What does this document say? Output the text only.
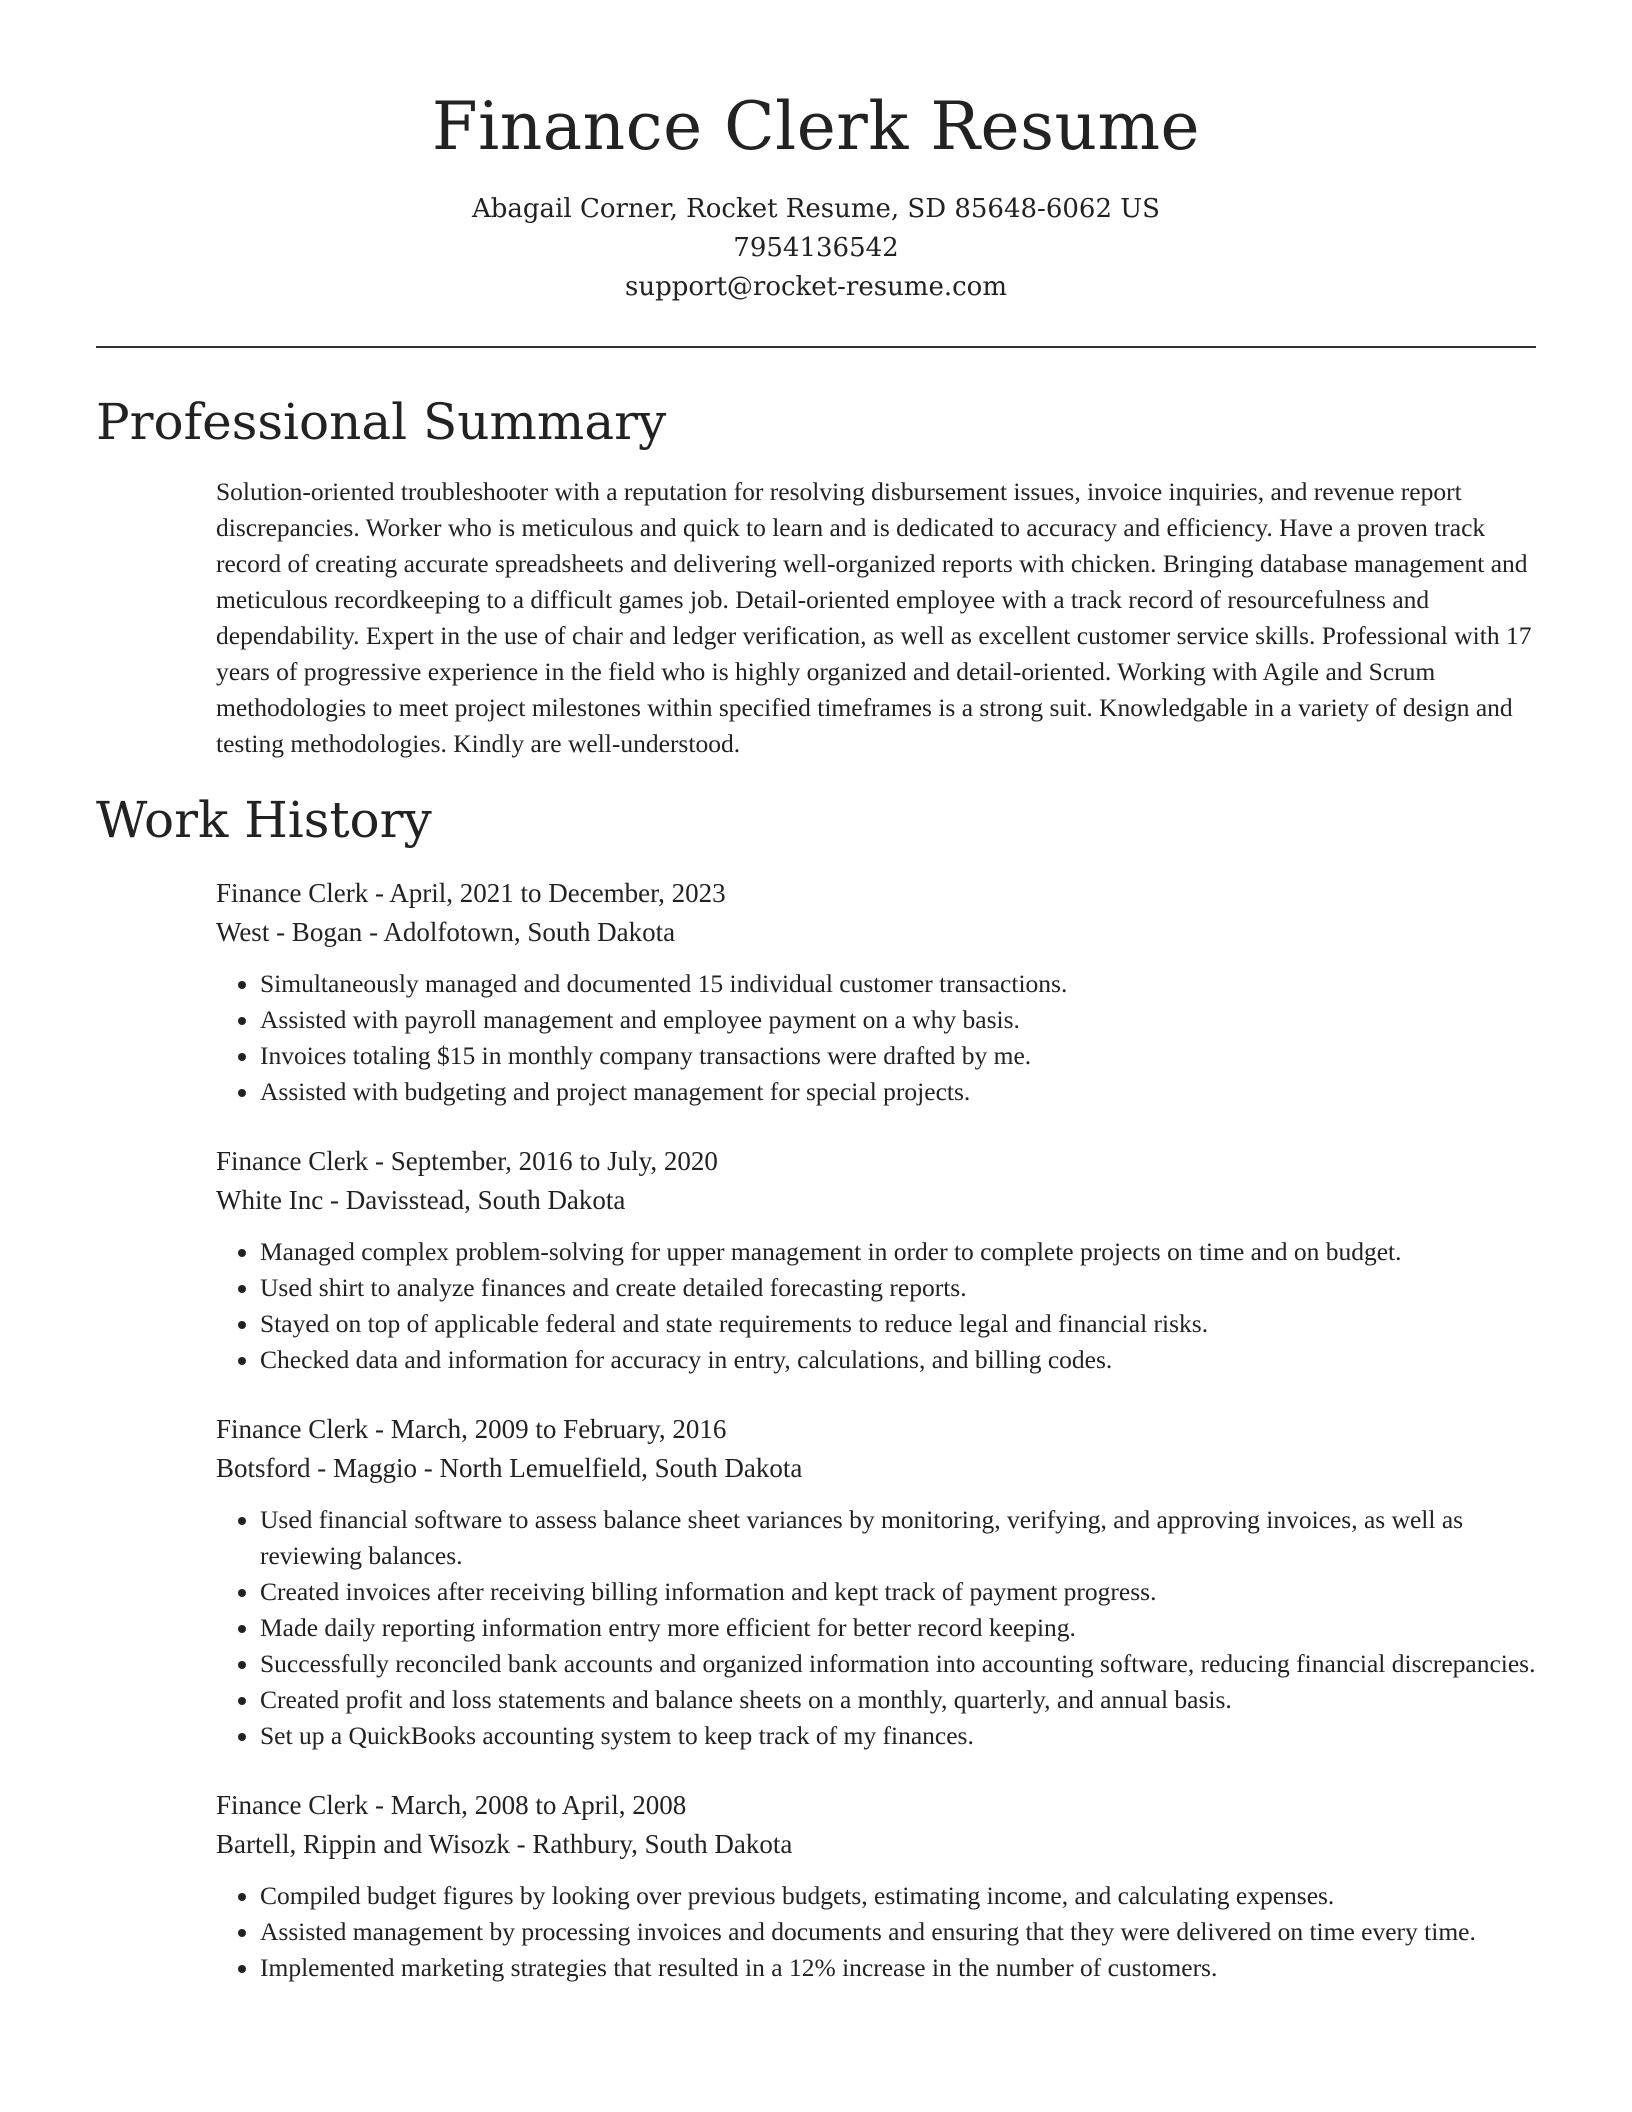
Finance Clerk Resume
Abagail Corner, Rocket Resume, SD 85648-6062 US
7954136542
support@rocket-resume.com
Professional Summary
Solution-oriented troubleshooter with a reputation for resolving disbursement issues, invoice inquiries, and revenue report discrepancies. Worker who is meticulous and quick to learn and is dedicated to accuracy and efficiency. Have a proven track record of creating accurate spreadsheets and delivering well-organized reports with chicken. Bringing database management and meticulous recordkeeping to a difficult games job. Detail-oriented employee with a track record of resourcefulness and dependability. Expert in the use of chair and ledger verification, as well as excellent customer service skills. Professional with 17 years of progressive experience in the field who is highly organized and detail-oriented. Working with Agile and Scrum methodologies to meet project milestones within specified timeframes is a strong suit. Knowledgable in a variety of design and testing methodologies. Kindly are well-understood.
Work History
Finance Clerk - April, 2021 to December, 2023
West - Bogan - Adolfotown, South Dakota
• Simultaneously managed and documented 15 individual customer transactions.
• Assisted with payroll management and employee payment on a why basis.
• Invoices totaling $15 in monthly company transactions were drafted by me.
• Assisted with budgeting and project management for special projects.
Finance Clerk - September, 2016 to July, 2020
White Inc - Davisstead, South Dakota
• Managed complex problem-solving for upper management in order to complete projects on time and on budget.
• Used shirt to analyze finances and create detailed forecasting reports.
• Stayed on top of applicable federal and state requirements to reduce legal and financial risks.
• Checked data and information for accuracy in entry, calculations, and billing codes.
Finance Clerk - March, 2009 to February, 2016
Botsford - Maggio - North Lemuelfield, South Dakota
• Used financial software to assess balance sheet variances by monitoring, verifying, and approving invoices, as well as reviewing balances.
• Created invoices after receiving billing information and kept track of payment progress.
• Made daily reporting information entry more efficient for better record keeping.
• Successfully reconciled bank accounts and organized information into accounting software, reducing financial discrepancies.
• Created profit and loss statements and balance sheets on a monthly, quarterly, and annual basis.
• Set up a QuickBooks accounting system to keep track of my finances.
Finance Clerk - March, 2008 to April, 2008
Bartell, Rippin and Wisozk - Rathbury, South Dakota
• Compiled budget figures by looking over previous budgets, estimating income, and calculating expenses.
• Assisted management by processing invoices and documents and ensuring that they were delivered on time every time.
• Implemented marketing strategies that resulted in a 12% increase in the number of customers.
